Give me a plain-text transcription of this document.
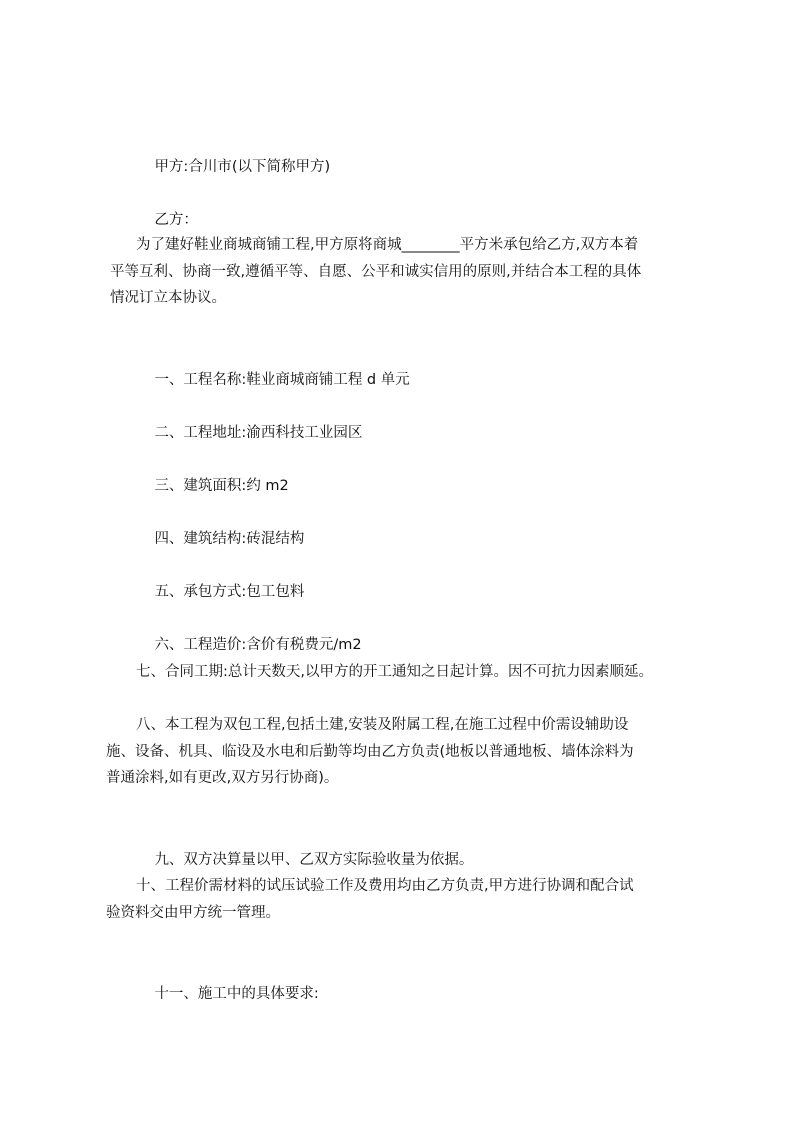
甲方:合川市(以下简称甲方)

乙方：

为了建好鞋业商城商铺工程,甲方原将商城________平方米承包给乙方,双方本着

平等互利、协商一致,遵循平等、自愿、公平和诚实信用的原则,并结合本工程的具体

情况订立本协议。

一、工程名称:鞋业商城商铺工程 d 单元

二、工程地址:渝西科技工业园区

三、建筑面积:约 m2

四、建筑结构:砖混结构

五、承包方式:包工包料

六、工程造价:含价有税费元/m2

七、合同工期:总计天数天,以甲方的开工通知之日起计算。因不可抗力因素顺延。

八、本工程为双包工程,包括土建,安装及附属工程,在施工过程中价需设辅助设

施、设备、机具、临设及水电和后勤等均由乙方负责(地板以普通地板、墙体涂料为

普通涂料,如有更改,双方另行协商)。

九、双方决算量以甲、乙双方实际验收量为依据。

十、工程价需材料的试压试验工作及费用均由乙方负责,甲方进行协调和配合试

验资料交由甲方统一管理。

十一、施工中的具体要求:
